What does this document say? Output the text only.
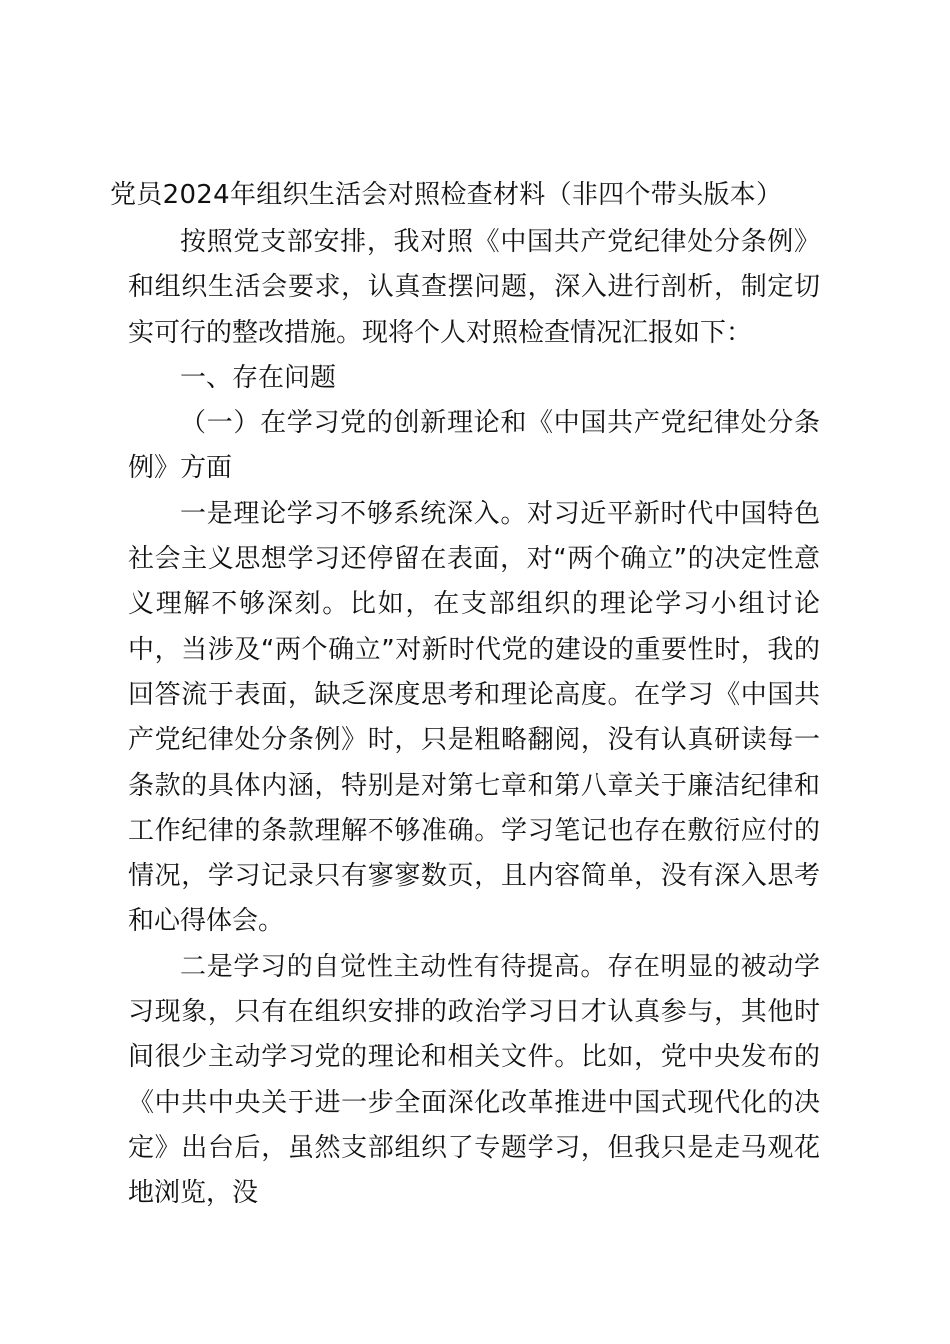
党员2024年组织生活会对照检查材料（非四个带头版本）

按照党支部安排，我对照《中国共产党纪律处分条例》和组织生活会要求，认真查摆问题，深入进行剖析，制定切实可行的整改措施。现将个人对照检查情况汇报如下：

一、存在问题

（一）在学习党的创新理论和《中国共产党纪律处分条例》方面

一是理论学习不够系统深入。对习近平新时代中国特色社会主义思想学习还停留在表面，对“两个确立”的决定性意义理解不够深刻。比如，在支部组织的理论学习小组讨论中，当涉及“两个确立”对新时代党的建设的重要性时，我的回答流于表面，缺乏深度思考和理论高度。在学习《中国共产党纪律处分条例》时，只是粗略翻阅，没有认真研读每一条款的具体内涵，特别是对第七章和第八章关于廉洁纪律和工作纪律的条款理解不够准确。学习笔记也存在敷衍应付的情况，学习记录只有寥寥数页，且内容简单，没有深入思考和心得体会。

二是学习的自觉性主动性有待提高。存在明显的被动学习现象，只有在组织安排的政治学习日才认真参与，其他时间很少主动学习党的理论和相关文件。比如，党中央发布的《中共中央关于进一步全面深化改革推进中国式现代化的决定》出台后，虽然支部组织了专题学习，但我只是走马观花地浏览，没
